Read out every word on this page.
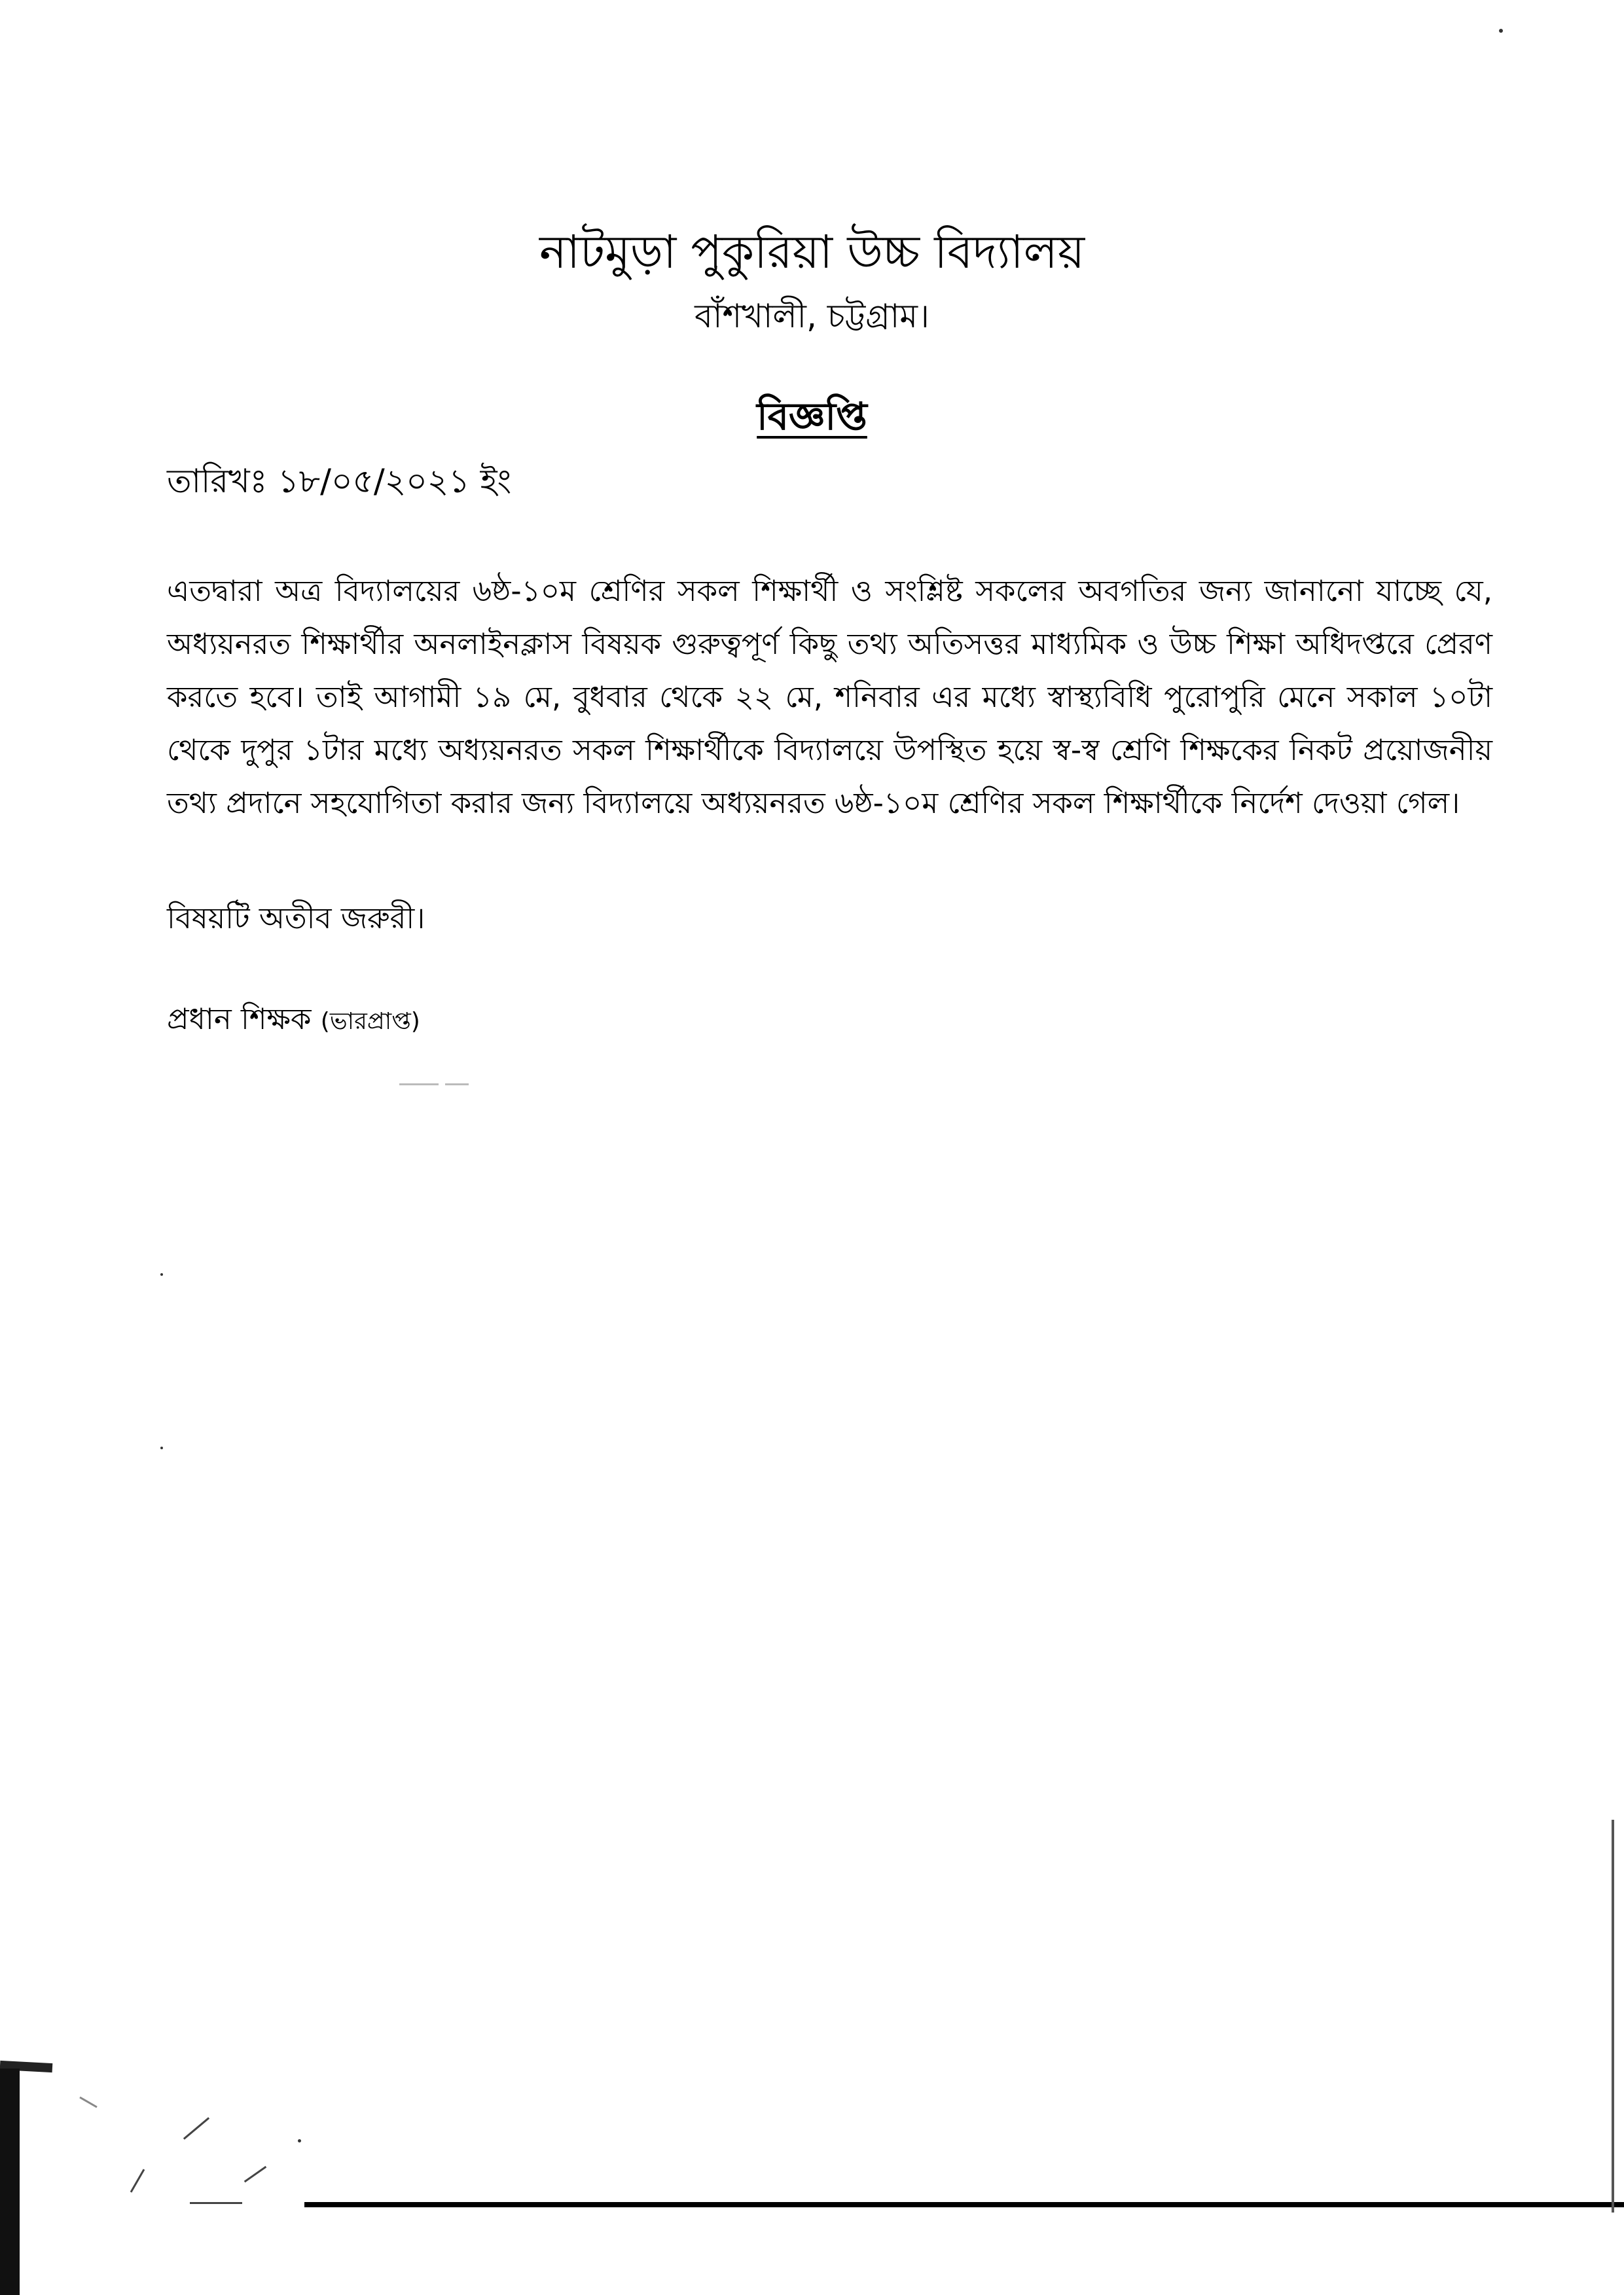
নাটমুড়া পুকুরিয়া উচ্চ বিদ্যালয়
বাঁশখালী, চট্টগ্রাম।
বিজ্ঞপ্তি
তারিখঃ ১৮/০৫/২০২১ ইং
এতদ্বারা অত্র বিদ্যালয়ের ৬ষ্ঠ-১০ম শ্রেণির সকল শিক্ষার্থী ও সংশ্লিষ্ট সকলের অবগতির জন্য জানানো যাচ্ছে যে, অধ্যয়নরত শিক্ষার্থীর অনলাইনক্লাস বিষয়ক গুরুত্বপূর্ণ কিছু তথ্য অতিসত্তর মাধ্যমিক ও উচ্চ শিক্ষা অধিদপ্তরে প্রেরণ করতে হবে। তাই আগামী ১৯ মে, বুধবার থেকে ২২ মে, শনিবার এর মধ্যে স্বাস্থ্যবিধি পুরোপুরি মেনে সকাল ১০টা থেকে দুপুর ১টার মধ্যে অধ্যয়নরত সকল শিক্ষার্থীকে বিদ্যালয়ে উপস্থিত হয়ে স্ব-স্ব শ্রেণি শিক্ষকের নিকট প্রয়োজনীয় তথ্য প্রদানে সহযোগিতা করার জন্য বিদ্যালয়ে অধ্যয়নরত ৬ষ্ঠ-১০ম শ্রেণির সকল শিক্ষার্থীকে নির্দেশ দেওয়া গেল।
বিষয়টি অতীব জরুরী।
প্রধান শিক্ষক (ভারপ্রাপ্ত)
